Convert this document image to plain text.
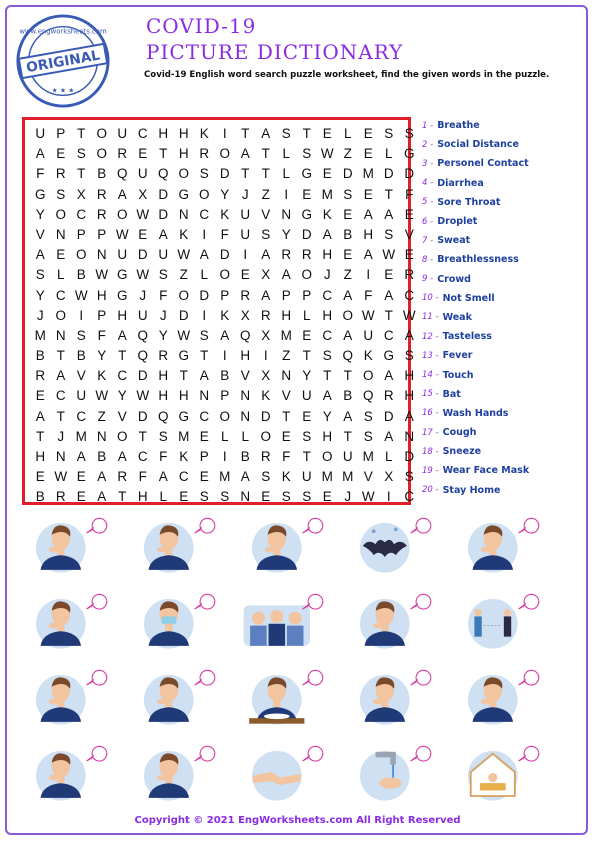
www.engworksheets.com
ORIGINAL
★ ★ ★
COVID-19
PICTURE DICTIONARY
Covid-19 English word search puzzle worksheet, find the given words in the puzzle.
U P T O U C H H K	I	T A S T E L E S S
A E S O R E T H R O A T L S W Z E L G
F R T B Q U Q O S D T T L G E D M D D
G S X R A X D G O Y J Z	I	E M S E T F
Y O C R O W D N C K U V N G K E A A E
V N P P W E A K	I	F U S Y D A B H S V
A E O N U D U W A D	I	A R R H E A W E
S L B W G W S Z L O E X A O J Z	I	E R
Y C W H G J F O D P R A P P C A F A C
J O I	P H U J D	I	K X R H L H O W T W
M N S F A Q Y W S A Q X M E C A U C A
B T B Y T Q R G T	I	H	I	Z T S Q K G S
R A V K C D H T A B V X N Y T T O A H
E C U W Y W H H N P N K V U A B Q R H
A T C Z V D Q G C O N D T E Y A S D A
T J M N O T S M E L L O E S H T S A N
H N A B A C F K P	I	B R F T O U M L D
E W E A R F A C E M A S K U M M V X S
B R E A T H L E S S N E S S E J W I	C
1 - Breathe
2 - Social Distance
3 - Personel Contact
4 - Diarrhea
5 - Sore Throat
6 - Droplet
7 - Sweat
8 - Breathlessness
9 - Crowd
10 - Not Smell
11 - Weak
12 - Tasteless
13 - Fever
14 - Touch
15 - Bat
16 - Wash Hands
17 - Cough
18 - Sneeze
19 - Wear Face Mask
20 - Stay Home
Copyright © 2021 EngWorksheets.com All Right Reserved
